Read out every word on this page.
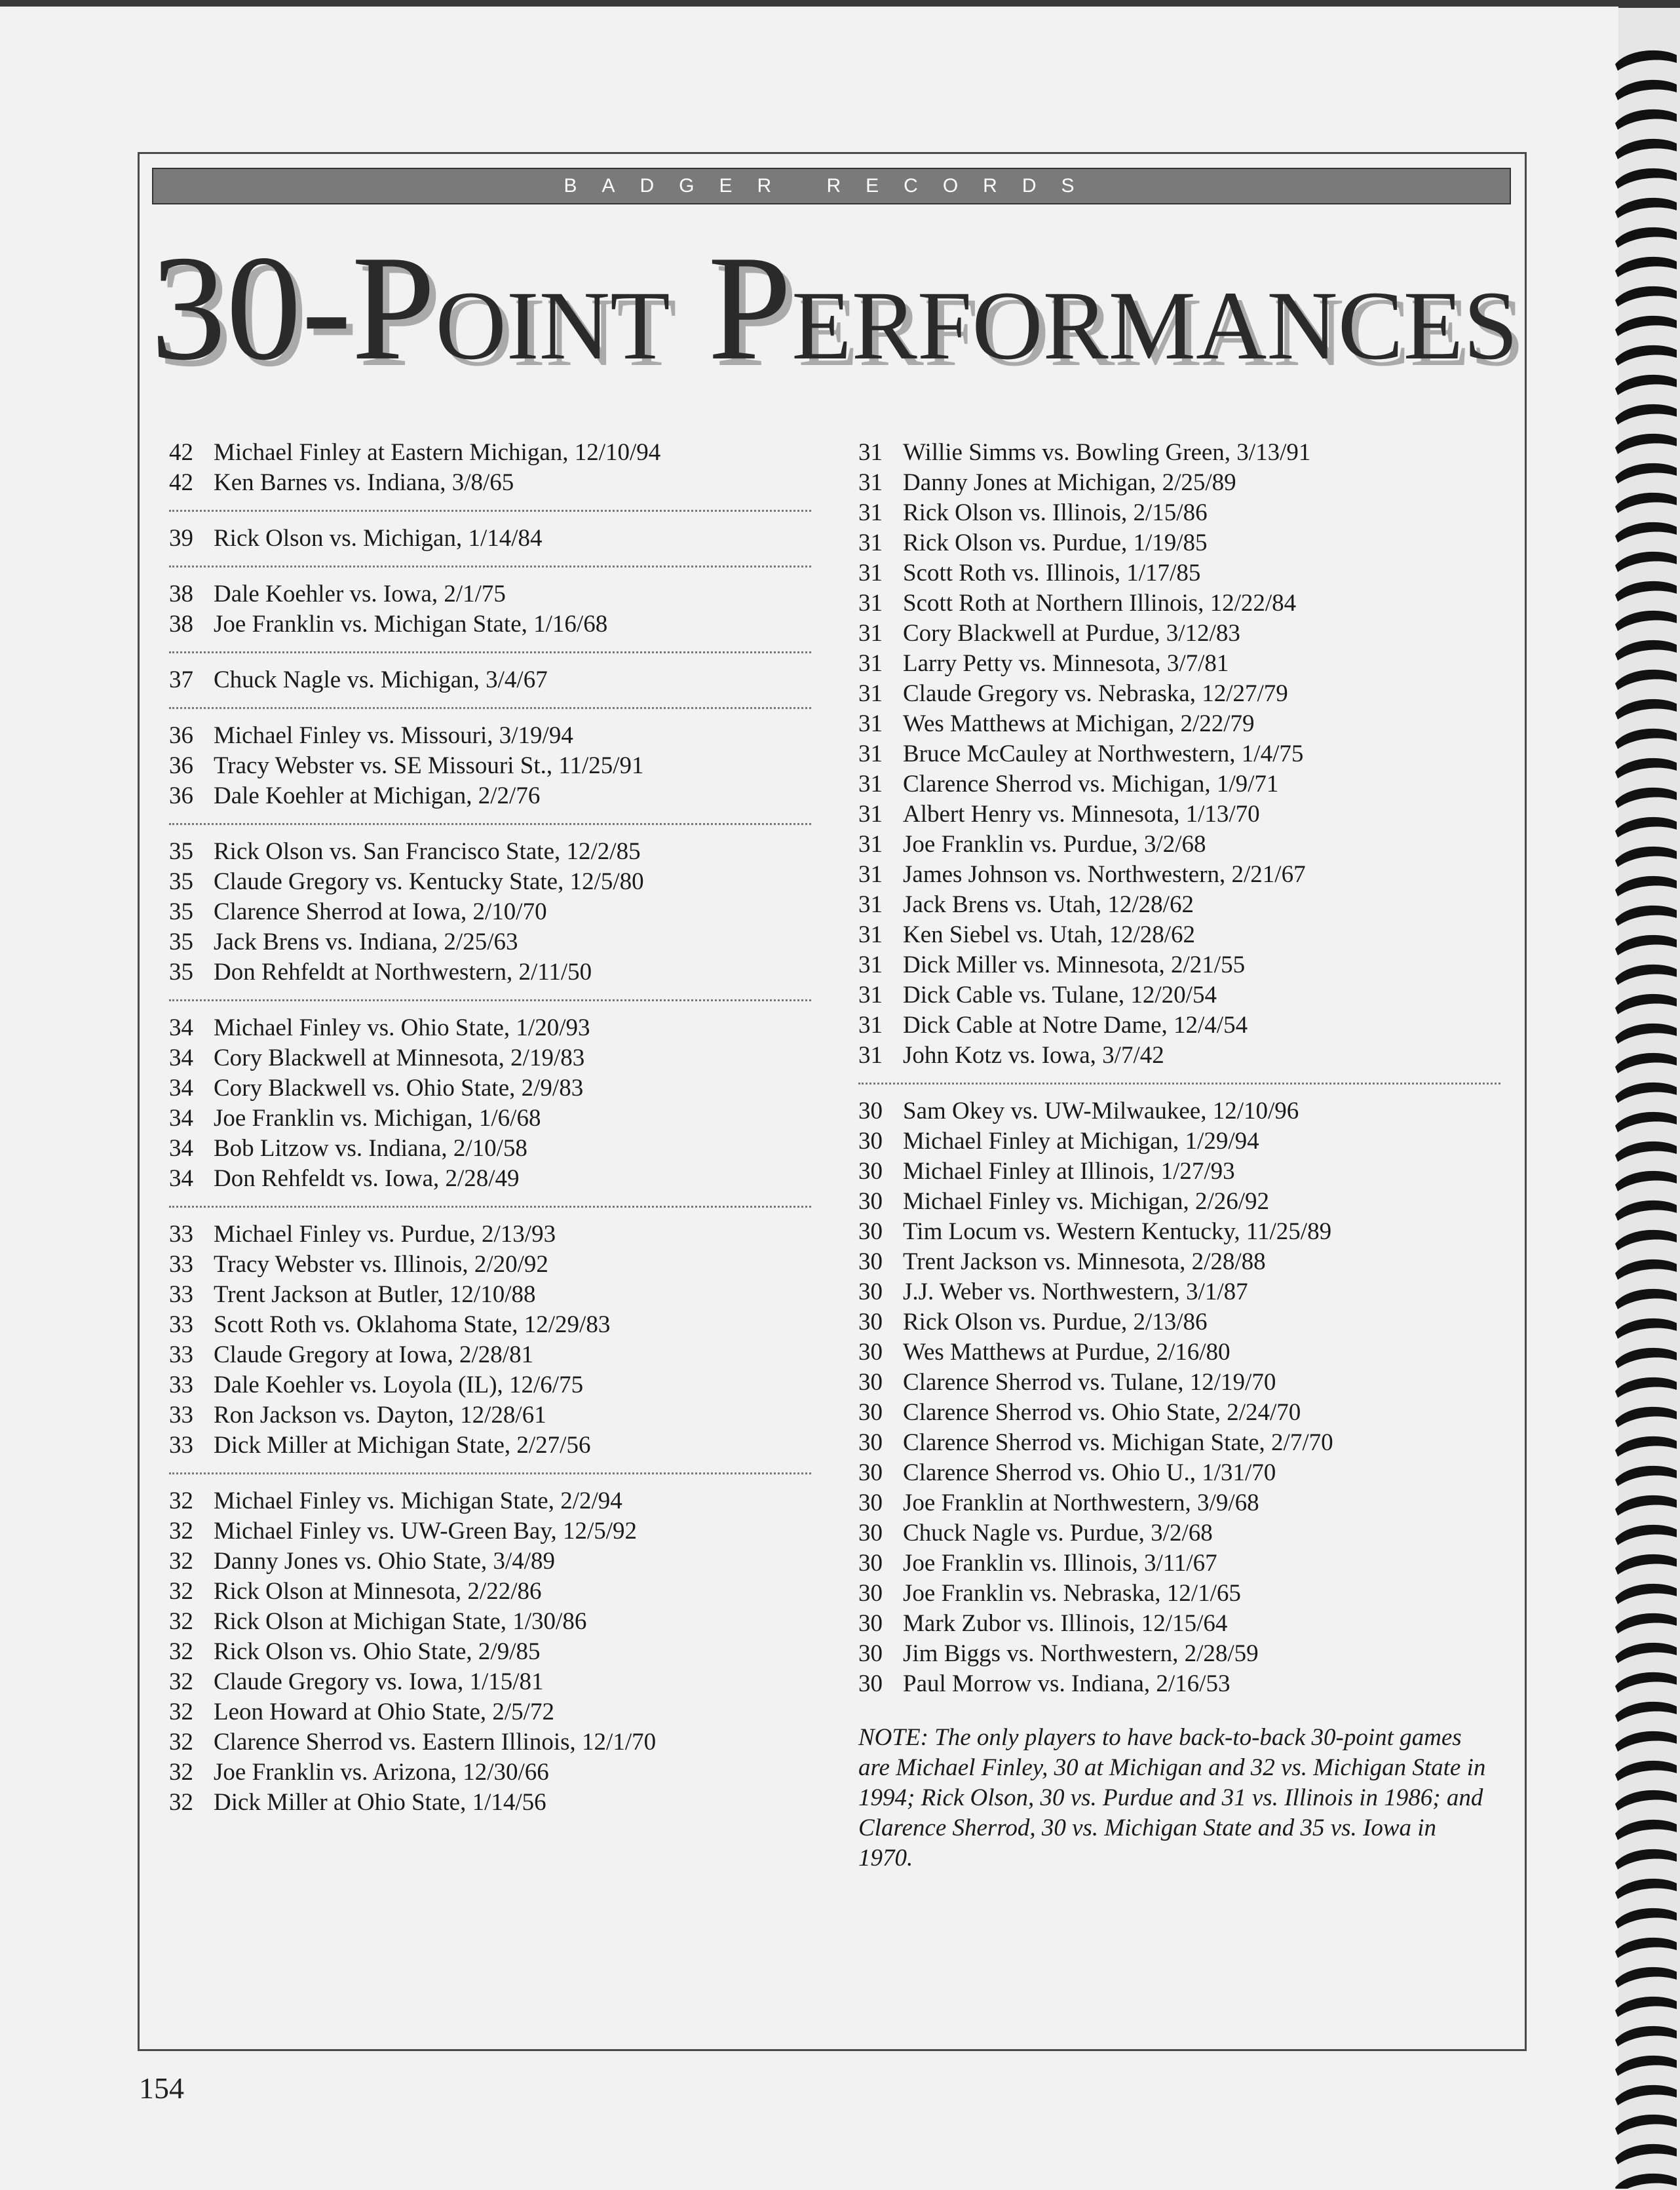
BADGER RECORDS
30-POINT PERFORMANCES
42 Michael Finley at Eastern Michigan, 12/10/94
42 Ken Barnes vs. Indiana, 3/8/65
39 Rick Olson vs. Michigan, 1/14/84
38 Dale Koehler vs. Iowa, 2/1/75
38 Joe Franklin vs. Michigan State, 1/16/68
37 Chuck Nagle vs. Michigan, 3/4/67
36 Michael Finley vs. Missouri, 3/19/94
36 Tracy Webster vs. SE Missouri St., 11/25/91
36 Dale Koehler at Michigan, 2/2/76
35 Rick Olson vs. San Francisco State, 12/2/85
35 Claude Gregory vs. Kentucky State, 12/5/80
35 Clarence Sherrod at Iowa, 2/10/70
35 Jack Brens vs. Indiana, 2/25/63
35 Don Rehfeldt at Northwestern, 2/11/50
34 Michael Finley vs. Ohio State, 1/20/93
34 Cory Blackwell at Minnesota, 2/19/83
34 Cory Blackwell vs. Ohio State, 2/9/83
34 Joe Franklin vs. Michigan, 1/6/68
34 Bob Litzow vs. Indiana, 2/10/58
34 Don Rehfeldt vs. Iowa, 2/28/49
33 Michael Finley vs. Purdue, 2/13/93
33 Tracy Webster vs. Illinois, 2/20/92
33 Trent Jackson at Butler, 12/10/88
33 Scott Roth vs. Oklahoma State, 12/29/83
33 Claude Gregory at Iowa, 2/28/81
33 Dale Koehler vs. Loyola (IL), 12/6/75
33 Ron Jackson vs. Dayton, 12/28/61
33 Dick Miller at Michigan State, 2/27/56
32 Michael Finley vs. Michigan State, 2/2/94
32 Michael Finley vs. UW-Green Bay, 12/5/92
32 Danny Jones vs. Ohio State, 3/4/89
32 Rick Olson at Minnesota, 2/22/86
32 Rick Olson at Michigan State, 1/30/86
32 Rick Olson vs. Ohio State, 2/9/85
32 Claude Gregory vs. Iowa, 1/15/81
32 Leon Howard at Ohio State, 2/5/72
32 Clarence Sherrod vs. Eastern Illinois, 12/1/70
32 Joe Franklin vs. Arizona, 12/30/66
32 Dick Miller at Ohio State, 1/14/56
31 Willie Simms vs. Bowling Green, 3/13/91
31 Danny Jones at Michigan, 2/25/89
31 Rick Olson vs. Illinois, 2/15/86
31 Rick Olson vs. Purdue, 1/19/85
31 Scott Roth vs. Illinois, 1/17/85
31 Scott Roth at Northern Illinois, 12/22/84
31 Cory Blackwell at Purdue, 3/12/83
31 Larry Petty vs. Minnesota, 3/7/81
31 Claude Gregory vs. Nebraska, 12/27/79
31 Wes Matthews at Michigan, 2/22/79
31 Bruce McCauley at Northwestern, 1/4/75
31 Clarence Sherrod vs. Michigan, 1/9/71
31 Albert Henry vs. Minnesota, 1/13/70
31 Joe Franklin vs. Purdue, 3/2/68
31 James Johnson vs. Northwestern, 2/21/67
31 Jack Brens vs. Utah, 12/28/62
31 Ken Siebel vs. Utah, 12/28/62
31 Dick Miller vs. Minnesota, 2/21/55
31 Dick Cable vs. Tulane, 12/20/54
31 Dick Cable at Notre Dame, 12/4/54
31 John Kotz vs. Iowa, 3/7/42
30 Sam Okey vs. UW-Milwaukee, 12/10/96
30 Michael Finley at Michigan, 1/29/94
30 Michael Finley at Illinois, 1/27/93
30 Michael Finley vs. Michigan, 2/26/92
30 Tim Locum vs. Western Kentucky, 11/25/89
30 Trent Jackson vs. Minnesota, 2/28/88
30 J.J. Weber vs. Northwestern, 3/1/87
30 Rick Olson vs. Purdue, 2/13/86
30 Wes Matthews at Purdue, 2/16/80
30 Clarence Sherrod vs. Tulane, 12/19/70
30 Clarence Sherrod vs. Ohio State, 2/24/70
30 Clarence Sherrod vs. Michigan State, 2/7/70
30 Clarence Sherrod vs. Ohio U., 1/31/70
30 Joe Franklin at Northwestern, 3/9/68
30 Chuck Nagle vs. Purdue, 3/2/68
30 Joe Franklin vs. Illinois, 3/11/67
30 Joe Franklin vs. Nebraska, 12/1/65
30 Mark Zubor vs. Illinois, 12/15/64
30 Jim Biggs vs. Northwestern, 2/28/59
30 Paul Morrow vs. Indiana, 2/16/53
NOTE: The only players to have back-to-back 30-point games are Michael Finley, 30 at Michigan and 32 vs. Michigan State in 1994; Rick Olson, 30 vs. Purdue and 31 vs. Illinois in 1986; and Clarence Sherrod, 30 vs. Michigan State and 35 vs. Iowa in 1970.
154
